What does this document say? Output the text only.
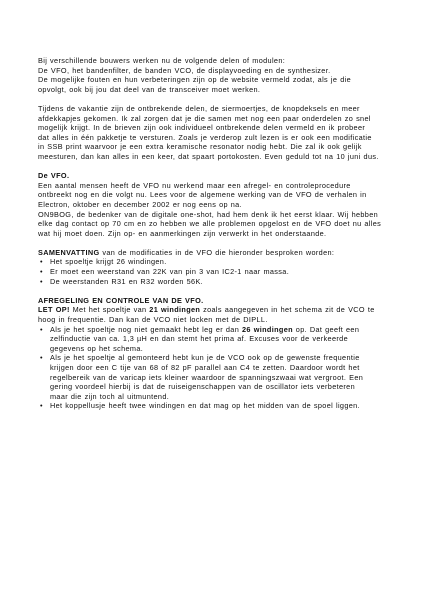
Bij verschillende bouwers werken nu de volgende delen of modulen:
De VFO, het bandenfilter, de banden VCO, de displayvoeding en de synthesizer.
De mogelijke fouten en hun verbeteringen zijn op de website vermeld zodat, als je die
opvolgt, ook bij jou dat deel van de transceiver moet werken.

Tijdens de vakantie zijn de ontbrekende delen, de siermoertjes, de knopdeksels en meer
afdekkapjes gekomen. Ik zal zorgen dat je die samen met nog een paar onderdelen zo snel
mogelijk krijgt. In de brieven zijn ook individueel ontbrekende delen vermeld en ik probeer
dat alles in één pakketje te versturen. Zoals je verderop zult lezen is er ook een modificatie
in SSB print waarvoor je een extra keramische resonator nodig hebt. Die zal ik ook gelijk
meesturen, dan kan alles in een keer, dat spaart portokosten. Even geduld tot na 10 juni dus.

De VFO.
Een aantal mensen heeft de VFO nu werkend maar een afregel- en controleprocedure
ontbreekt nog en die volgt nu. Lees voor de algemene werking van de VFO de verhalen in
Electron, oktober en december 2002 er nog eens op na.
ON9BOG, de bedenker van de digitale one-shot, had hem denk ik het eerst klaar. Wij hebben
elke dag contact op 70 cm en zo hebben we alle problemen opgelost en de VFO doet nu alles
wat hij moet doen. Zijn op- en aanmerkingen zijn verwerkt in het onderstaande.

SAMENVATTING van de modificaties in de VFO die hieronder besproken worden:
• Het spoeltje krijgt 26 windingen.
• Er moet een weerstand van 22K van pin 3 van IC2-1 naar massa.
• De weerstanden R31 en R32 worden 56K.
AFREGELING EN CONTROLE VAN DE VFO.
LET OP! Met het spoeltje van 21 windingen zoals aangegeven in het schema zit de VCO te
hoog in frequentie. Dan kan de VCO niet locken met de DIPLL.
• Als je het spoeltje nog niet gemaakt hebt leg er dan 26 windingen op. Dat geeft een
zelfinductie van ca. 1,3 µH en dan stemt het prima af. Excuses voor de verkeerde
gegevens op het schema.
• Als je het spoeltje al gemonteerd hebt kun je de VCO ook op de gewenste frequentie
krijgen door een C tije van 68 of 82 pF parallel aan C4 te zetten. Daardoor wordt het
regelbereik van de varicap iets kleiner waardoor de spanningszwaai wat vergroot. Een
gering voordeel hierbij is dat de ruiseigenschappen van de oscillator iets verbeteren
maar die zijn toch al uitmuntend.
• Het koppellusje heeft twee windingen en dat mag op het midden van de spoel liggen.
